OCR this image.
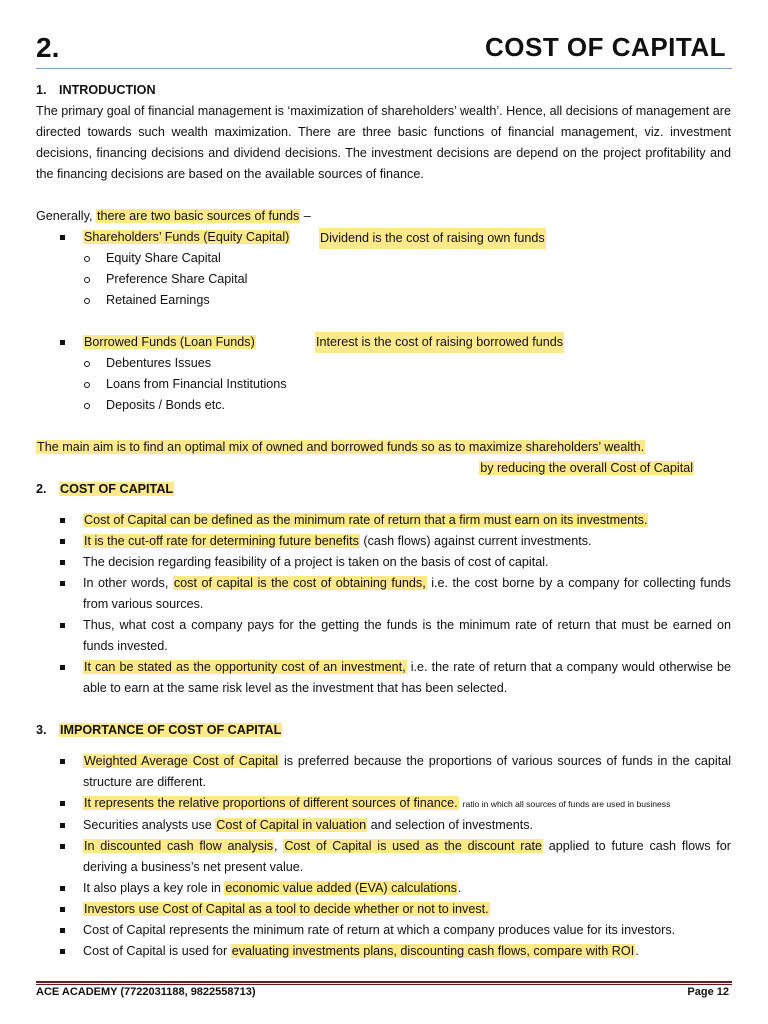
2.	COST OF CAPITAL
1. INTRODUCTION
The primary goal of financial management is ‘maximization of shareholders’ wealth’. Hence, all decisions of management are directed towards such wealth maximization. There are three basic functions of financial management, viz. investment decisions, financing decisions and dividend decisions. The investment decisions are depend on the project profitability and the financing decisions are based on the available sources of finance.
Generally, there are two basic sources of funds –
Shareholders’ Funds (Equity Capital) Dividend is the cost of raising own funds
Equity Share Capital
Preference Share Capital
Retained Earnings
Borrowed Funds (Loan Funds)	Interest is the cost of raising borrowed funds
Debentures Issues
Loans from Financial Institutions
Deposits / Bonds etc.
The main aim is to find an optimal mix of owned and borrowed funds so as to maximize shareholders’ wealth.
by reducing the overall Cost of Capital
2. COST OF CAPITAL
Cost of Capital can be defined as the minimum rate of return that a firm must earn on its investments.
It is the cut-off rate for determining future benefits (cash flows) against current investments.
The decision regarding feasibility of a project is taken on the basis of cost of capital.
In other words, cost of capital is the cost of obtaining funds, i.e. the cost borne by a company for collecting funds from various sources.
Thus, what cost a company pays for the getting the funds is the minimum rate of return that must be earned on funds invested.
It can be stated as the opportunity cost of an investment, i.e. the rate of return that a company would otherwise be able to earn at the same risk level as the investment that has been selected.
3. IMPORTANCE OF COST OF CAPITAL
Weighted Average Cost of Capital is preferred because the proportions of various sources of funds in the capital structure are different.
It represents the relative proportions of different sources of finance. ratio in which all sources of funds are used in business
Securities analysts use Cost of Capital in valuation and selection of investments.
In discounted cash flow analysis, Cost of Capital is used as the discount rate applied to future cash flows for deriving a business’s net present value.
It also plays a key role in economic value added (EVA) calculations.
Investors use Cost of Capital as a tool to decide whether or not to invest.
Cost of Capital represents the minimum rate of return at which a company produces value for its investors.
Cost of Capital is used for evaluating investments plans, discounting cash flows, compare with ROI.
ACE ACADEMY (7722031188, 9822558713)	Page 12
